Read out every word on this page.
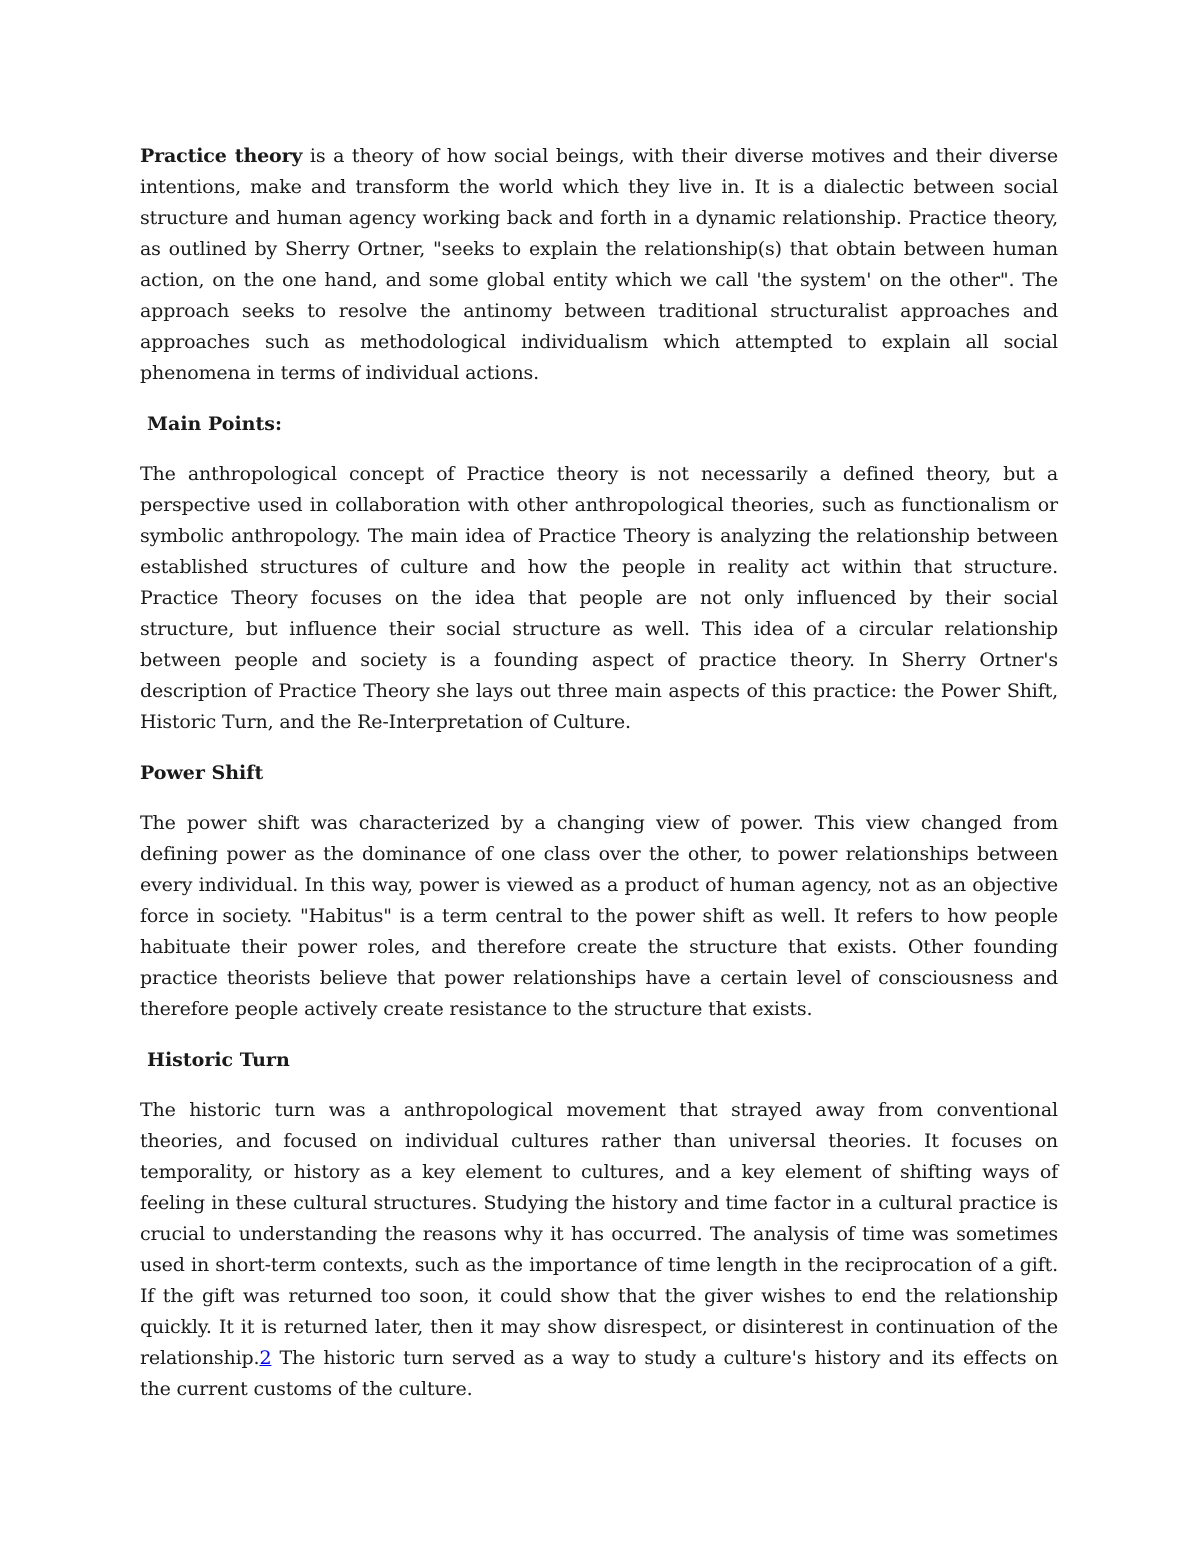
Practice theory is a theory of how social beings, with their diverse motives and their diverse intentions, make and transform the world which they live in. It is a dialectic between social structure and human agency working back and forth in a dynamic relationship. Practice theory, as outlined by Sherry Ortner, "seeks to explain the relationship(s) that obtain between human action, on the one hand, and some global entity which we call 'the system' on the other". The approach seeks to resolve the antinomy between traditional structuralist approaches and approaches such as methodological individualism which attempted to explain all social phenomena in terms of individual actions.

Main Points:

The anthropological concept of Practice theory is not necessarily a defined theory, but a perspective used in collaboration with other anthropological theories, such as functionalism or symbolic anthropology. The main idea of Practice Theory is analyzing the relationship between established structures of culture and how the people in reality act within that structure. Practice Theory focuses on the idea that people are not only influenced by their social structure, but influence their social structure as well. This idea of a circular relationship between people and society is a founding aspect of practice theory. In Sherry Ortner's description of Practice Theory she lays out three main aspects of this practice: the Power Shift, Historic Turn, and the Re-Interpretation of Culture.

Power Shift

The power shift was characterized by a changing view of power. This view changed from defining power as the dominance of one class over the other, to power relationships between every individual. In this way, power is viewed as a product of human agency, not as an objective force in society. "Habitus" is a term central to the power shift as well. It refers to how people habituate their power roles, and therefore create the structure that exists. Other founding practice theorists believe that power relationships have a certain level of consciousness and therefore people actively create resistance to the structure that exists.

Historic Turn

The historic turn was a anthropological movement that strayed away from conventional theories, and focused on individual cultures rather than universal theories. It focuses on temporality, or history as a key element to cultures, and a key element of shifting ways of feeling in these cultural structures. Studying the history and time factor in a cultural practice is crucial to understanding the reasons why it has occurred. The analysis of time was sometimes used in short-term contexts, such as the importance of time length in the reciprocation of a gift. If the gift was returned too soon, it could show that the giver wishes to end the relationship quickly. It it is returned later, then it may show disrespect, or disinterest in continuation of the relationship.2 The historic turn served as a way to study a culture's history and its effects on the current customs of the culture.
